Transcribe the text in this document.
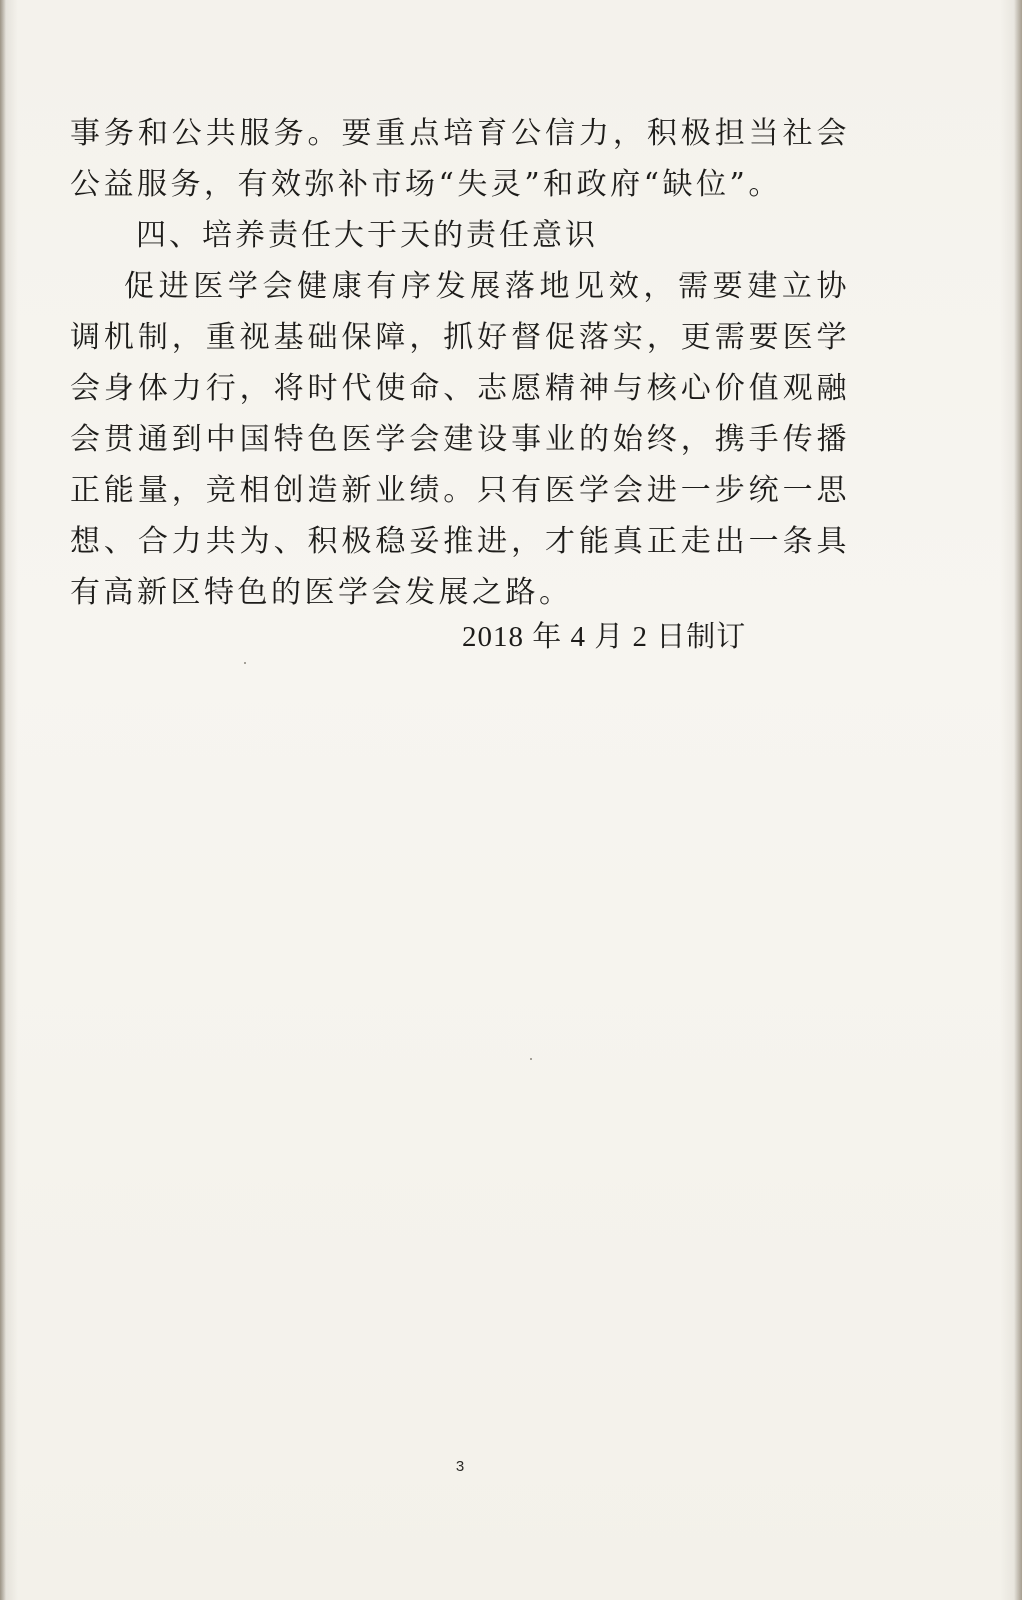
事务和公共服务。要重点培育公信力，积极担当社会公益服务，有效弥补市场“失灵”和政府“缺位”。

四、培养责任大于天的责任意识

促进医学会健康有序发展落地见效，需要建立协调机制，重视基础保障，抓好督促落实，更需要医学会身体力行，将时代使命、志愿精神与核心价值观融会贯通到中国特色医学会建设事业的始终，携手传播正能量，竞相创造新业绩。只有医学会进一步统一思想、合力共为、积极稳妥推进，才能真正走出一条具有高新区特色的医学会发展之路。

2018 年 4 月 2 日制订
3
